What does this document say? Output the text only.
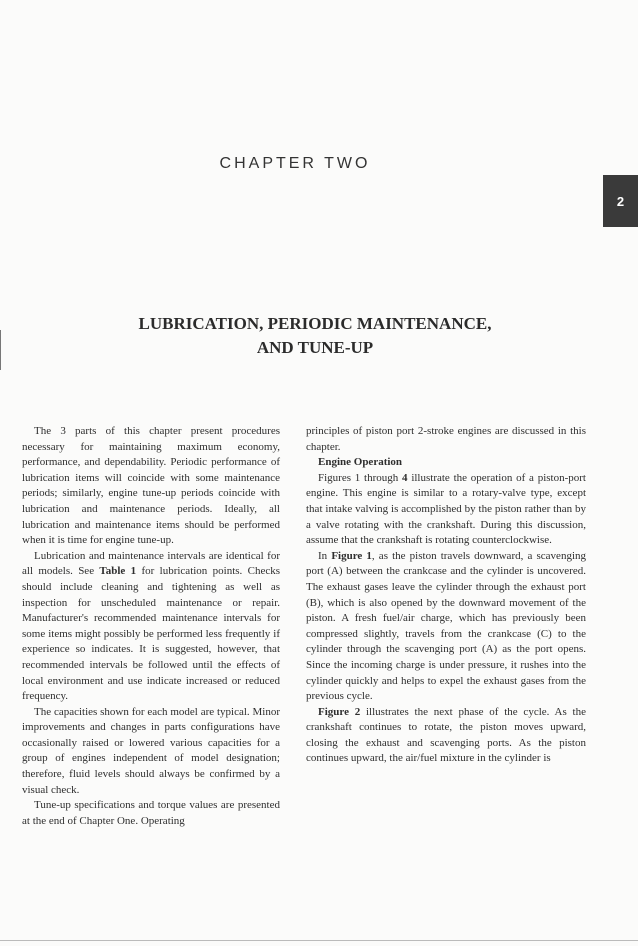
CHAPTER TWO
2
LUBRICATION, PERIODIC MAINTENANCE,
AND TUNE-UP

The 3 parts of this chapter present procedures necessary for maintaining maximum economy, performance, and dependability. Periodic performance of lubrication items will coincide with some maintenance periods; similarly, engine tune-up periods coincide with lubrication and maintenance periods. Ideally, all lubrication and maintenance items should be performed when it is time for engine tune-up.

Lubrication and maintenance intervals are identical for all models. See Table 1 for lubrication points. Checks should include cleaning and tightening as well as inspection for unscheduled maintenance or repair. Manufacturer's recommended maintenance intervals for some items might possibly be performed less frequently if experience so indicates. It is suggested, however, that recommended intervals be followed until the effects of local environment and use indicate increased or reduced frequency.

The capacities shown for each model are typical. Minor improvements and changes in parts configurations have occasionally raised or lowered various capacities for a group of engines independent of model designation; therefore, fluid levels should always be confirmed by a visual check.

Tune-up specifications and torque values are presented at the end of Chapter One. Operating

principles of piston port 2-stroke engines are discussed in this chapter.

Engine Operation

Figures 1 through 4 illustrate the operation of a piston-port engine. This engine is similar to a rotary-valve type, except that intake valving is accomplished by the piston rather than by a valve rotating with the crankshaft. During this discussion, assume that the crankshaft is rotating counterclockwise.

In Figure 1, as the piston travels downward, a scavenging port (A) between the crankcase and the cylinder is uncovered. The exhaust gases leave the cylinder through the exhaust port (B), which is also opened by the downward movement of the piston. A fresh fuel/air charge, which has previously been compressed slightly, travels from the crankcase (C) to the cylinder through the scavenging port (A) as the port opens. Since the incoming charge is under pressure, it rushes into the cylinder quickly and helps to expel the exhaust gases from the previous cycle.

Figure 2 illustrates the next phase of the cycle. As the crankshaft continues to rotate, the piston moves upward, closing the exhaust and scavenging ports. As the piston continues upward, the air/fuel mixture in the cylinder is
